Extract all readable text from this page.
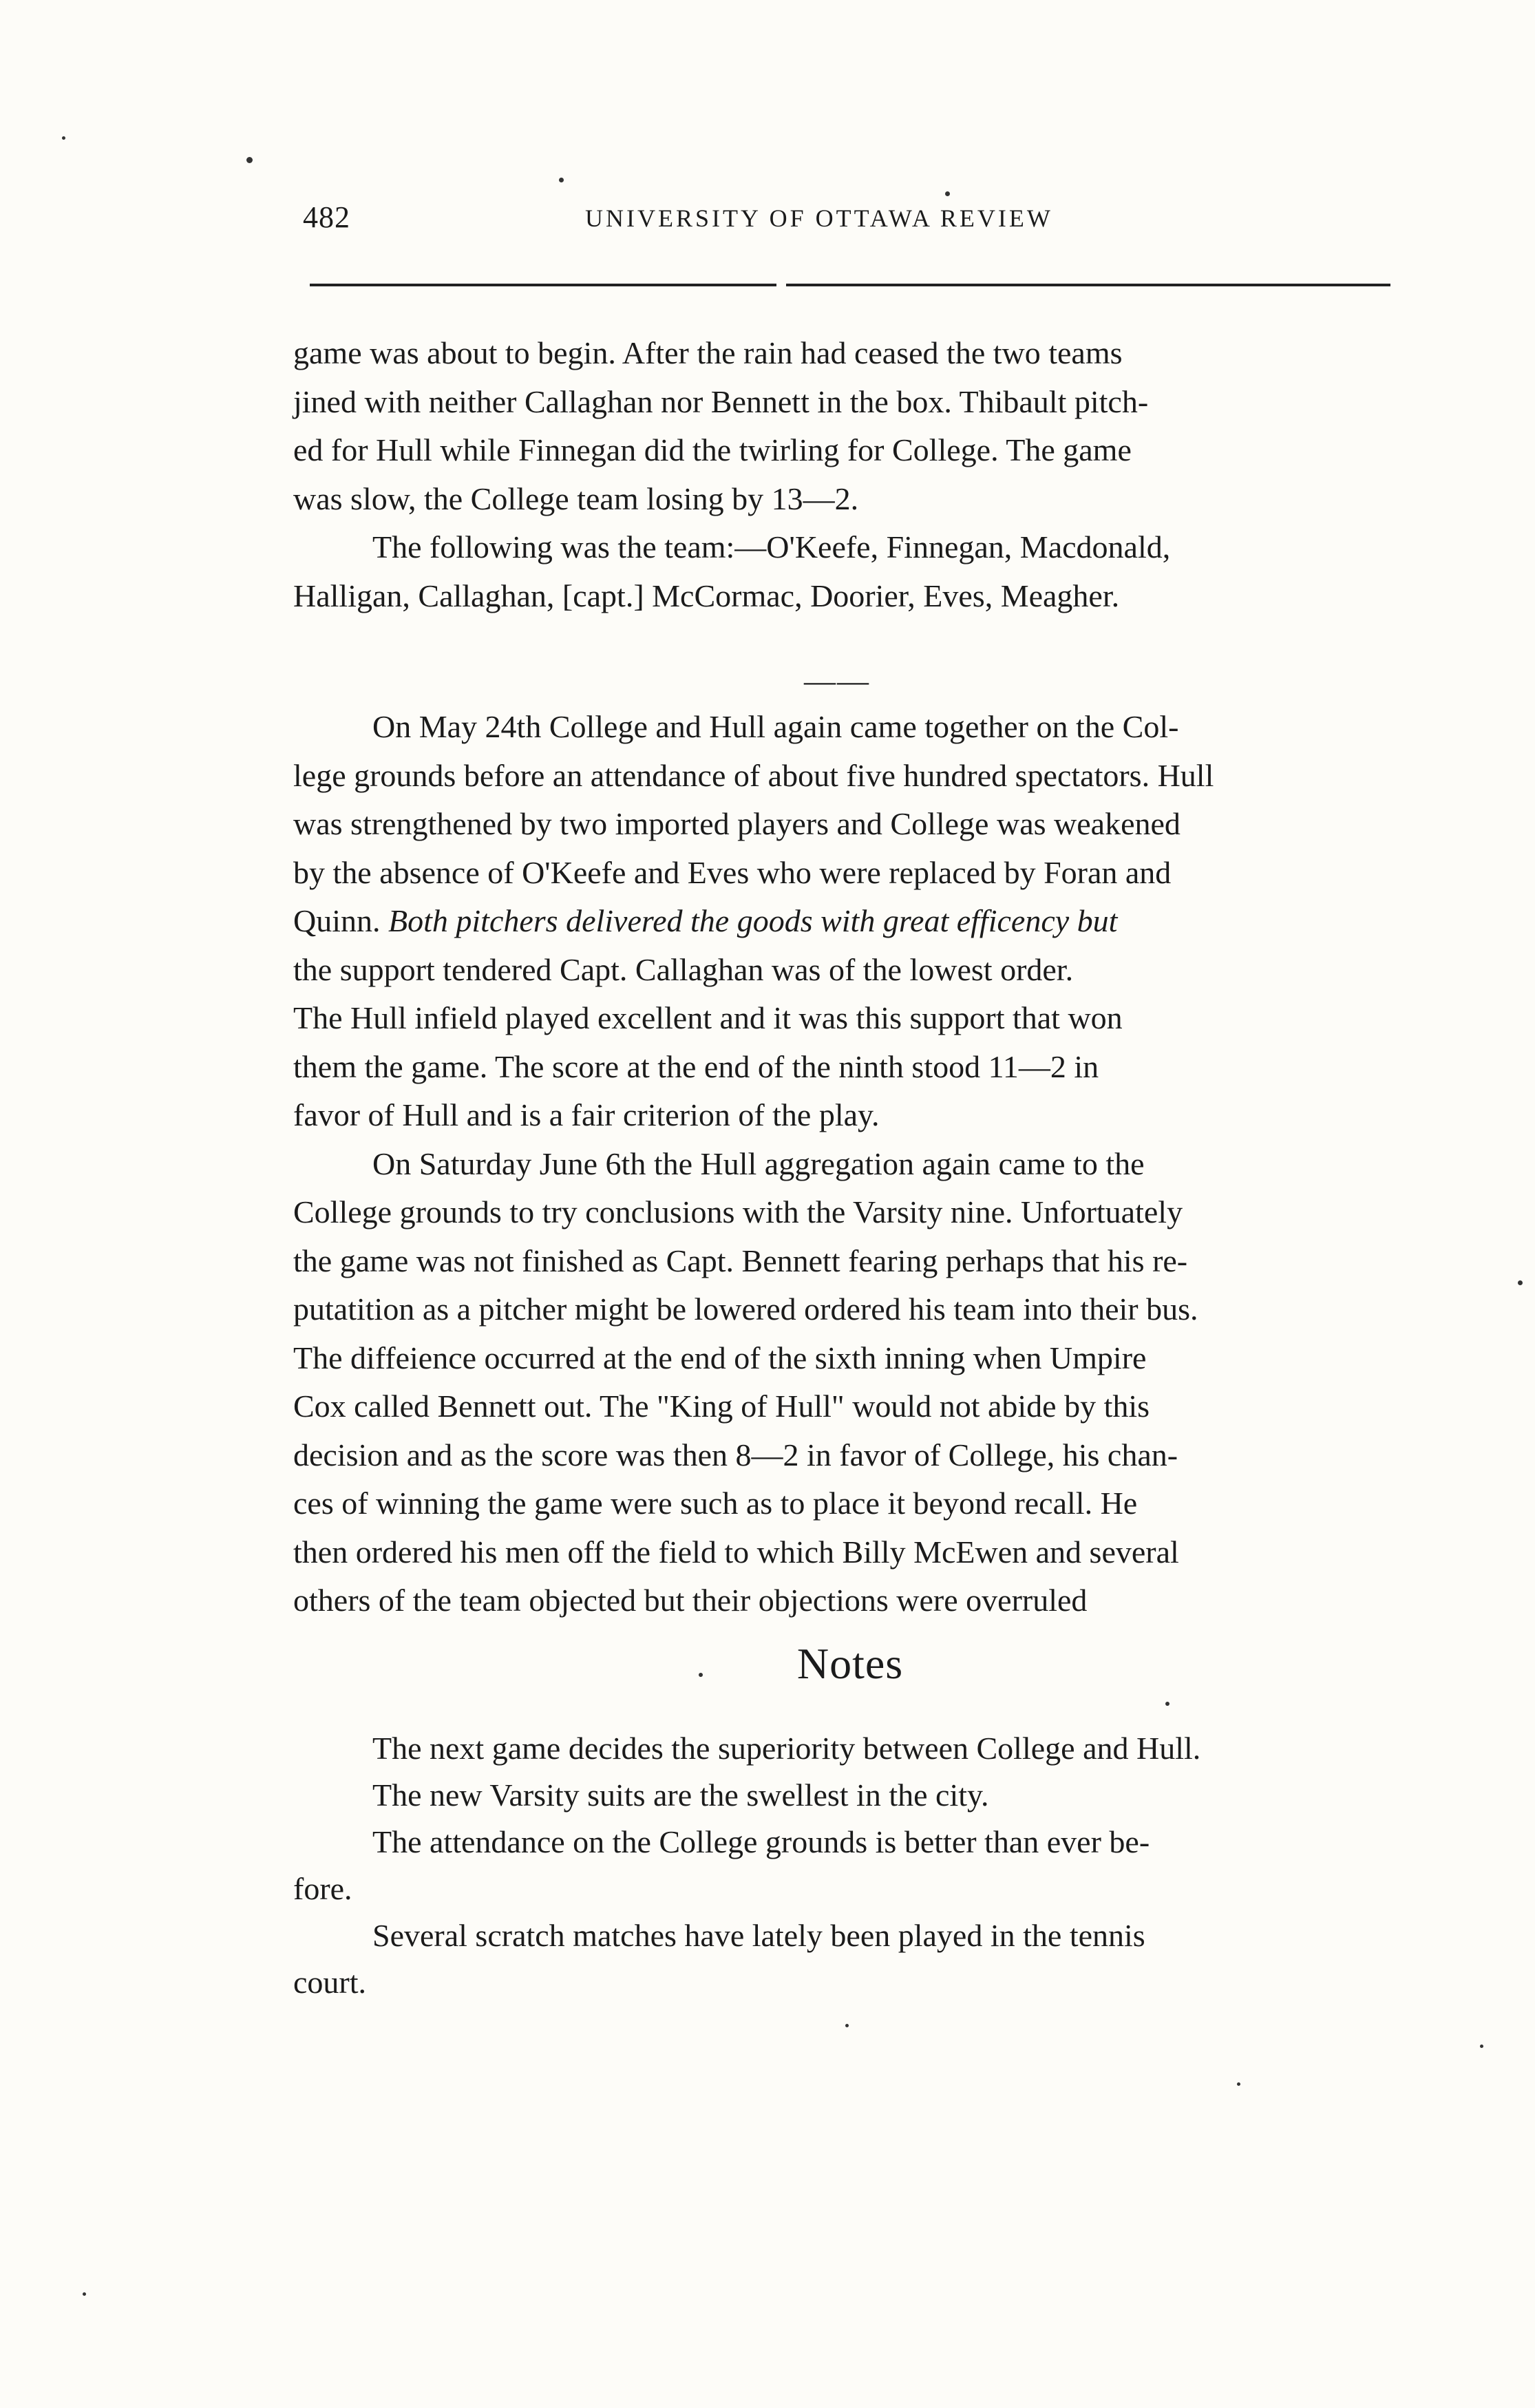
482	UNIVERSITY OF OTTAWA REVIEW

game was about to begin. After the rain had ceased the two teams
jined with neither Callaghan nor Bennett in the box. Thibault pitch-
ed for Hull while Finnegan did the twirling for College. The game
was slow, the College team losing by 13—2.

The following was the team:—O'Keefe, Finnegan, Macdonald,
Halligan, Callaghan, [capt.] McCormac, Doorier, Eves, Meagher.

On May 24th College and Hull again came together on the Col-
lege grounds before an attendance of about five hundred spectators. Hull
was strengthened by two imported players and College was weakened
by the absence of O'Keefe and Eves who were replaced by Foran and
Quinn. Both pitchers delivered the goods with great efficency but
the support tendered Capt. Callaghan was of the lowest order.
The Hull infield played excellent and it was this support that won
them the game. The score at the end of the ninth stood 11—2 in
favor of Hull and is a fair criterion of the play.

On Saturday June 6th the Hull aggregation again came to the
College grounds to try conclusions with the Varsity nine. Unfortuately
the game was not finished as Capt. Bennett fearing perhaps that his re-
putatition as a pitcher might be lowered ordered his team into their bus.
The diffeience occurred at the end of the sixth inning when Umpire
Cox called Bennett out. The "King of Hull" would not abide by this
decision and as the score was then 8—2 in favor of College, his chan-
ces of winning the game were such as to place it beyond recall. He
then ordered his men off the field to which Billy McEwen and several
others of the team objected but their objections were overruled

——
Notes

The next game decides the superiority between College and Hull.

The new Varsity suits are the swellest in the city.

The attendance on the College grounds is better than ever be-
fore.

Several scratch matches have lately been played in the tennis
court.
